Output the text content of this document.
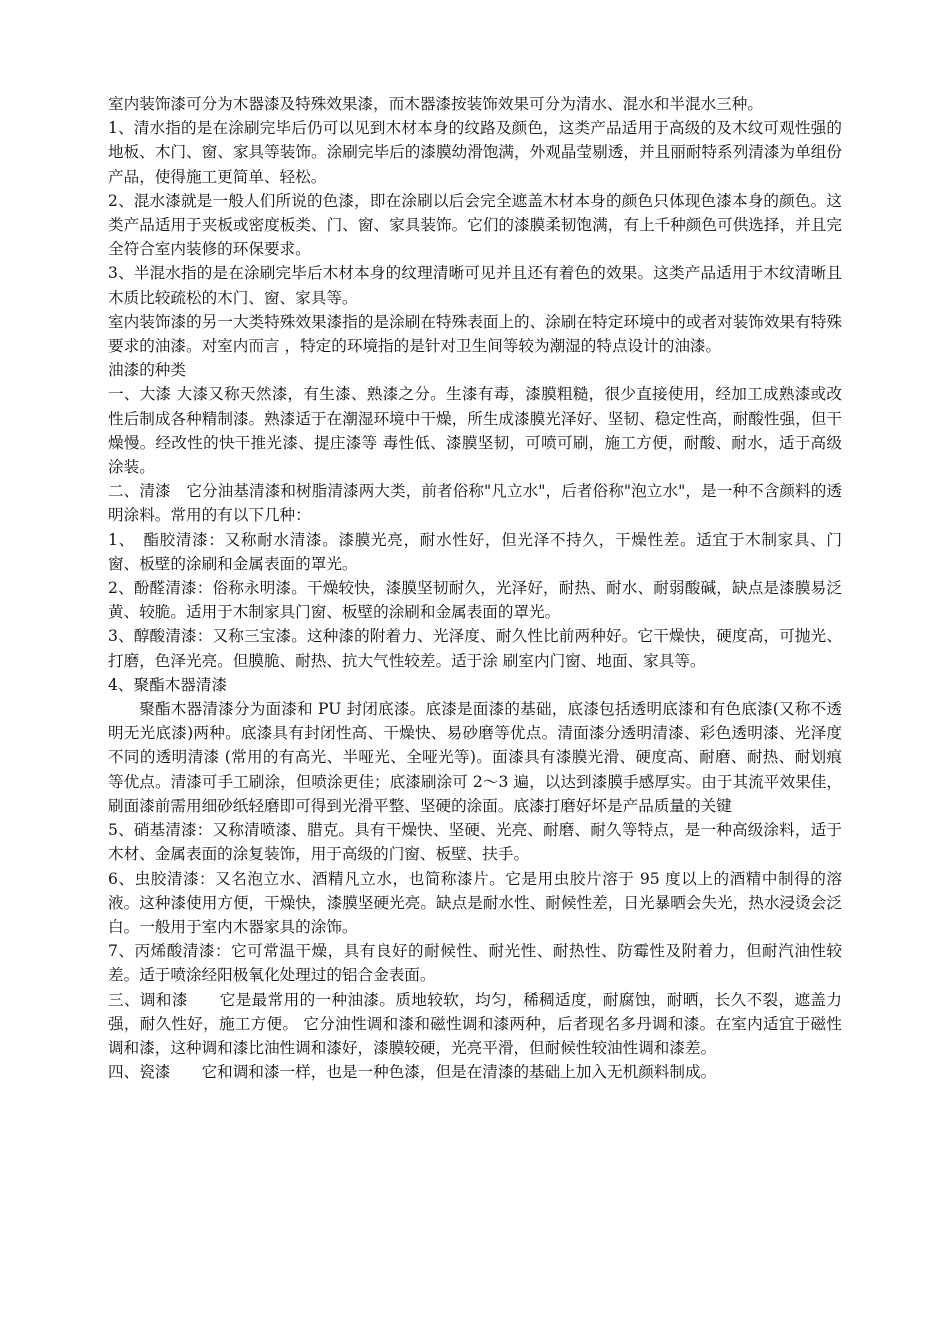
室内装饰漆可分为木器漆及特殊效果漆，而木器漆按装饰效果可分为清水、混水和半混水三种。

1、清水指的是在涂刷完毕后仍可以见到木材本身的纹路及颜色，这类产品适用于高级的及木纹可观性强的地板、木门、窗、家具等装饰。涂刷完毕后的漆膜幼滑饱满，外观晶莹剔透，并且丽耐特系列清漆为单组份产品，使得施工更简单、轻松。

2、混水漆就是一般人们所说的色漆，即在涂刷以后会完全遮盖木材本身的颜色只体现色漆本身的颜色。这类产品适用于夹板或密度板类、门、窗、家具装饰。它们的漆膜柔韧饱满，有上千种颜色可供选择，并且完全符合室内装修的环保要求。

3、半混水指的是在涂刷完毕后木材本身的纹理清晰可见并且还有着色的效果。这类产品适用于木纹清晰且木质比较疏松的木门、窗、家具等。

室内装饰漆的另一大类特殊效果漆指的是涂刷在特殊表面上的、涂刷在特定环境中的或者对装饰效果有特殊要求的油漆。对室内而言 ，特定的环境指的是针对卫生间等较为潮湿的特点设计的油漆。

油漆的种类

一、大漆 大漆又称天然漆，有生漆、熟漆之分。生漆有毒，漆膜粗糙，很少直接使用，经加工成熟漆或改性后制成各种精制漆。熟漆适于在潮湿环境中干燥，所生成漆膜光泽好、坚韧、稳定性高，耐酸性强，但干燥慢。经改性的快干推光漆、提庄漆等 毒性低、漆膜坚韧，可喷可刷，施工方便，耐酸、耐水，适于高级涂装。

二、清漆　它分油基清漆和树脂清漆两大类，前者俗称"凡立水"，后者俗称"泡立水"，是一种不含颜料的透明涂料。常用的有以下几种：

1、　酯胶清漆：又称耐水清漆。漆膜光亮，耐水性好，但光泽不持久，干燥性差。适宜于木制家具、门窗、板壁的涂刷和金属表面的罩光。

2、酚醛清漆：俗称永明漆。干燥较快，漆膜坚韧耐久，光泽好，耐热、耐水、耐弱酸碱，缺点是漆膜易泛黄、较脆。适用于木制家具门窗、板壁的涂刷和金属表面的罩光。

3、醇酸清漆：又称三宝漆。这种漆的附着力、光泽度、耐久性比前两种好。它干燥快，硬度高，可抛光、打磨，色泽光亮。但膜脆、耐热、抗大气性较差。适于涂 刷室内门窗、地面、家具等。

4、聚酯木器清漆

聚酯木器清漆分为面漆和 PU 封闭底漆。底漆是面漆的基础，底漆包括透明底漆和有色底漆(又称不透明无光底漆)两种。底漆具有封闭性高、干燥快、易砂磨等优点。清面漆分透明清漆、彩色透明漆、光泽度不同的透明清漆 (常用的有高光、半哑光、全哑光等)。面漆具有漆膜光滑、硬度高、耐磨、耐热、耐划痕等优点。清漆可手工刷涂，但喷涂更佳；底漆刷涂可 2～3 遍，以达到漆膜手感厚实。由于其流平效果佳，刷面漆前需用细砂纸轻磨即可得到光滑平整、坚硬的涂面。底漆打磨好坏是产品质量的关键

5、硝基清漆：又称清喷漆、腊克。具有干燥快、坚硬、光亮、耐磨、耐久等特点，是一种高级涂料，适于木材、金属表面的涂复装饰，用于高级的门窗、板壁、扶手。

6、虫胶清漆：又名泡立水、酒精凡立水，也简称漆片。它是用虫胶片溶于 95 度以上的酒精中制得的溶液。这种漆使用方便，干燥快，漆膜坚硬光亮。缺点是耐水性、耐候性差，日光暴晒会失光，热水浸烫会泛白。一般用于室内木器家具的涂饰。

7、丙烯酸清漆：它可常温干燥，具有良好的耐候性、耐光性、耐热性、防霉性及附着力，但耐汽油性较差。适于喷涂经阳极氧化处理过的铝合金表面。

三、调和漆　　它是最常用的一种油漆。质地较软，均匀，稀稠适度，耐腐蚀，耐晒，长久不裂，遮盖力强，耐久性好，施工方便。 它分油性调和漆和磁性调和漆两种，后者现名多丹调和漆。在室内适宜于磁性调和漆，这种调和漆比油性调和漆好，漆膜较硬，光亮平滑，但耐候性较油性调和漆差。

四、瓷漆　　它和调和漆一样，也是一种色漆，但是在清漆的基础上加入无机颜料制成。
